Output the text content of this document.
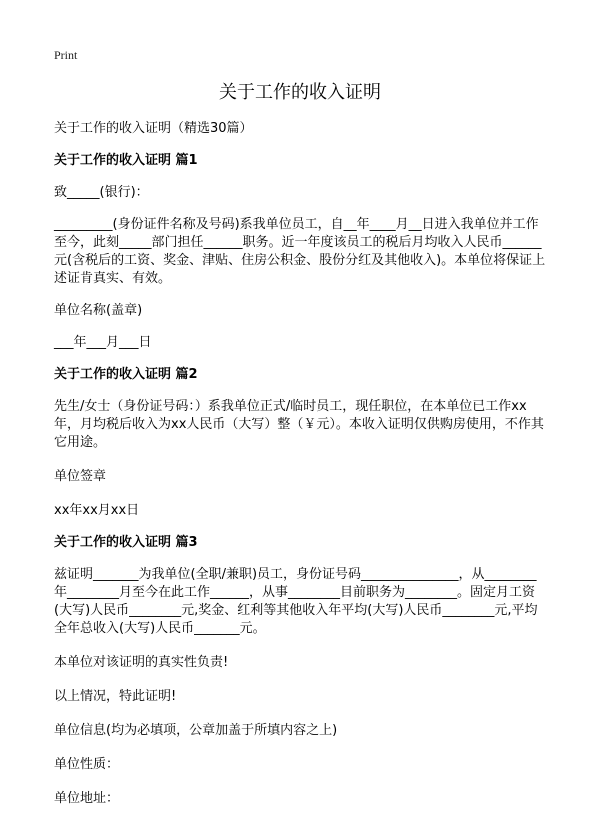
Print
关于工作的收入证明

关于工作的收入证明（精选30篇）

关于工作的收入证明 篇1

致_____(银行)：

_________(身份证件名称及号码)系我单位员工，自__年____月__日进入我单位并工作至今，此刻_____部门担任______职务。近一年度该员工的税后月均收入人民币______元(含税后的工资、奖金、津贴、住房公积金、股份分红及其他收入)。本单位将保证上述证肯真实、有效。

单位名称(盖章)

___年___月___日

关于工作的收入证明 篇2

先生/女士（身份证号码：）系我单位正式/临时员工，现任职位，在本单位已工作xx年，月均税后收入为xx人民币（大写）整（￥元）。本收入证明仅供购房使用，不作其它用途。

单位签章

xx年xx月xx日

关于工作的收入证明 篇3

兹证明_______为我单位(全职/兼职)员工，身份证号码_______________，从________年________月至今在此工作______，从事________目前职务为________。固定月工资(大写)人民币________元,奖金、红利等其他收入年平均(大写)人民币________元,平均全年总收入(大写)人民币_______元。

本单位对该证明的真实性负责!

以上情况，特此证明!

单位信息(均为必填项，公章加盖于所填内容之上)

单位性质：

单位地址：
